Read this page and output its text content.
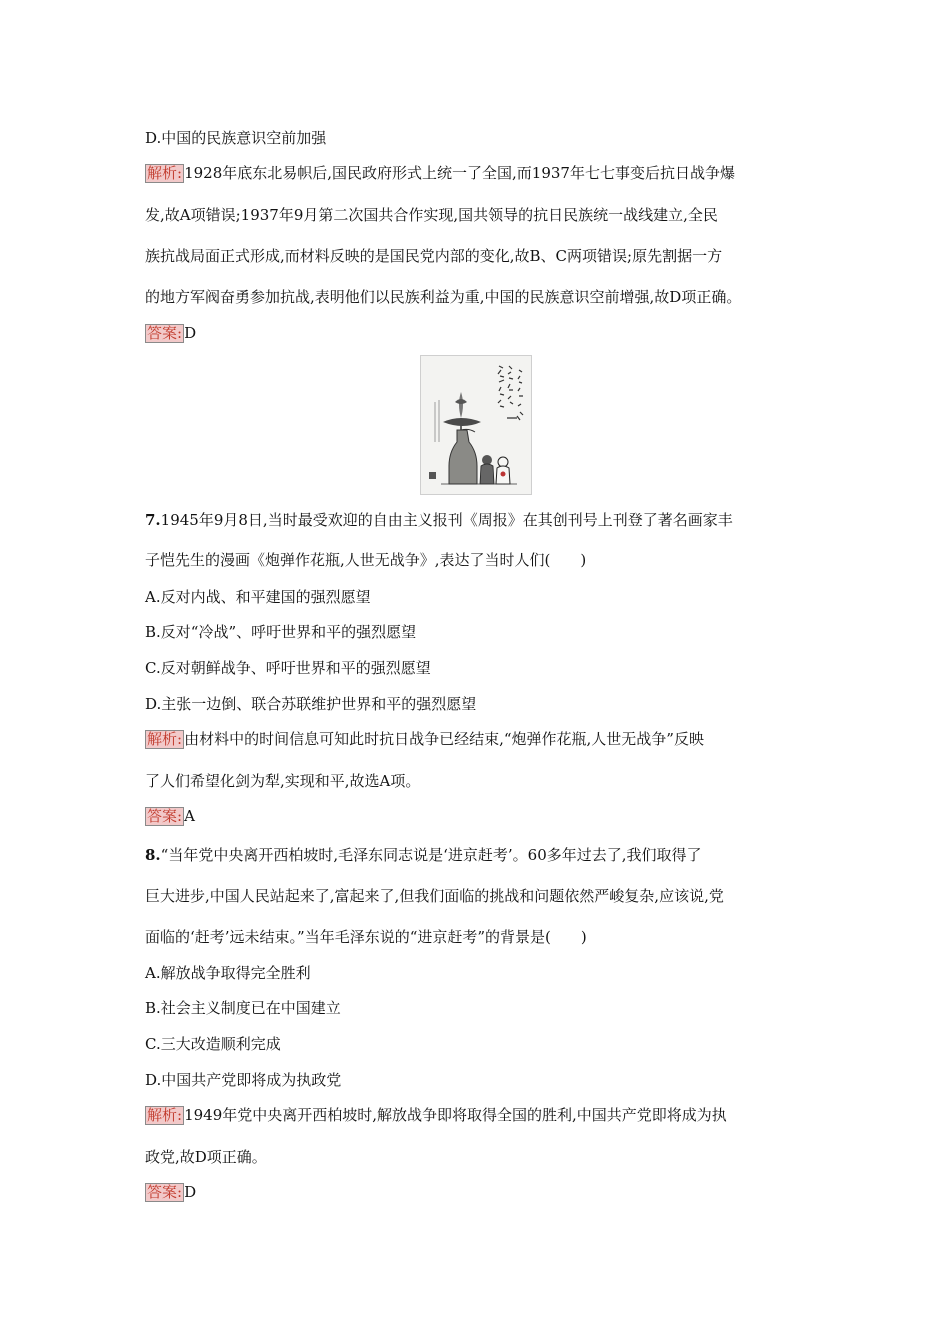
D.中国的民族意识空前加强
解析: 1928年底东北易帜后,国民政府形式上统一了全国,而1937年七七事变后抗日战争爆
发,故A项错误;1937年9月第二次国共合作实现,国共领导的抗日民族统一战线建立,全民
族抗战局面正式形成,而材料反映的是国民党内部的变化,故B、C两项错误;原先割据一方
的地方军阀奋勇参加抗战,表明他们以民族利益为重,中国的民族意识空前增强,故D项正确。
答案: D
7.1945年9月8日,当时最受欢迎的自由主义报刊《周报》在其创刊号上刊登了著名画家丰
子恺先生的漫画《炮弹作花瓶,人世无战争》,表达了当时人们(　　)
A.反对内战、和平建国的强烈愿望
B.反对“冷战”、呼吁世界和平的强烈愿望
C.反对朝鲜战争、呼吁世界和平的强烈愿望
D.主张一边倒、联合苏联维护世界和平的强烈愿望
解析: 由材料中的时间信息可知此时抗日战争已经结束,“炮弹作花瓶,人世无战争”反映
了人们希望化剑为犁,实现和平,故选A项。
答案: A
8.“当年党中央离开西柏坡时,毛泽东同志说是‘进京赶考’。60多年过去了,我们取得了
巨大进步,中国人民站起来了,富起来了,但我们面临的挑战和问题依然严峻复杂,应该说,党
面临的‘赶考’远未结束。”当年毛泽东说的“进京赶考”的背景是(　　)
A.解放战争取得完全胜利
B.社会主义制度已在中国建立
C.三大改造顺利完成
D.中国共产党即将成为执政党
解析: 1949年党中央离开西柏坡时,解放战争即将取得全国的胜利,中国共产党即将成为执
政党,故D项正确。
答案: D
